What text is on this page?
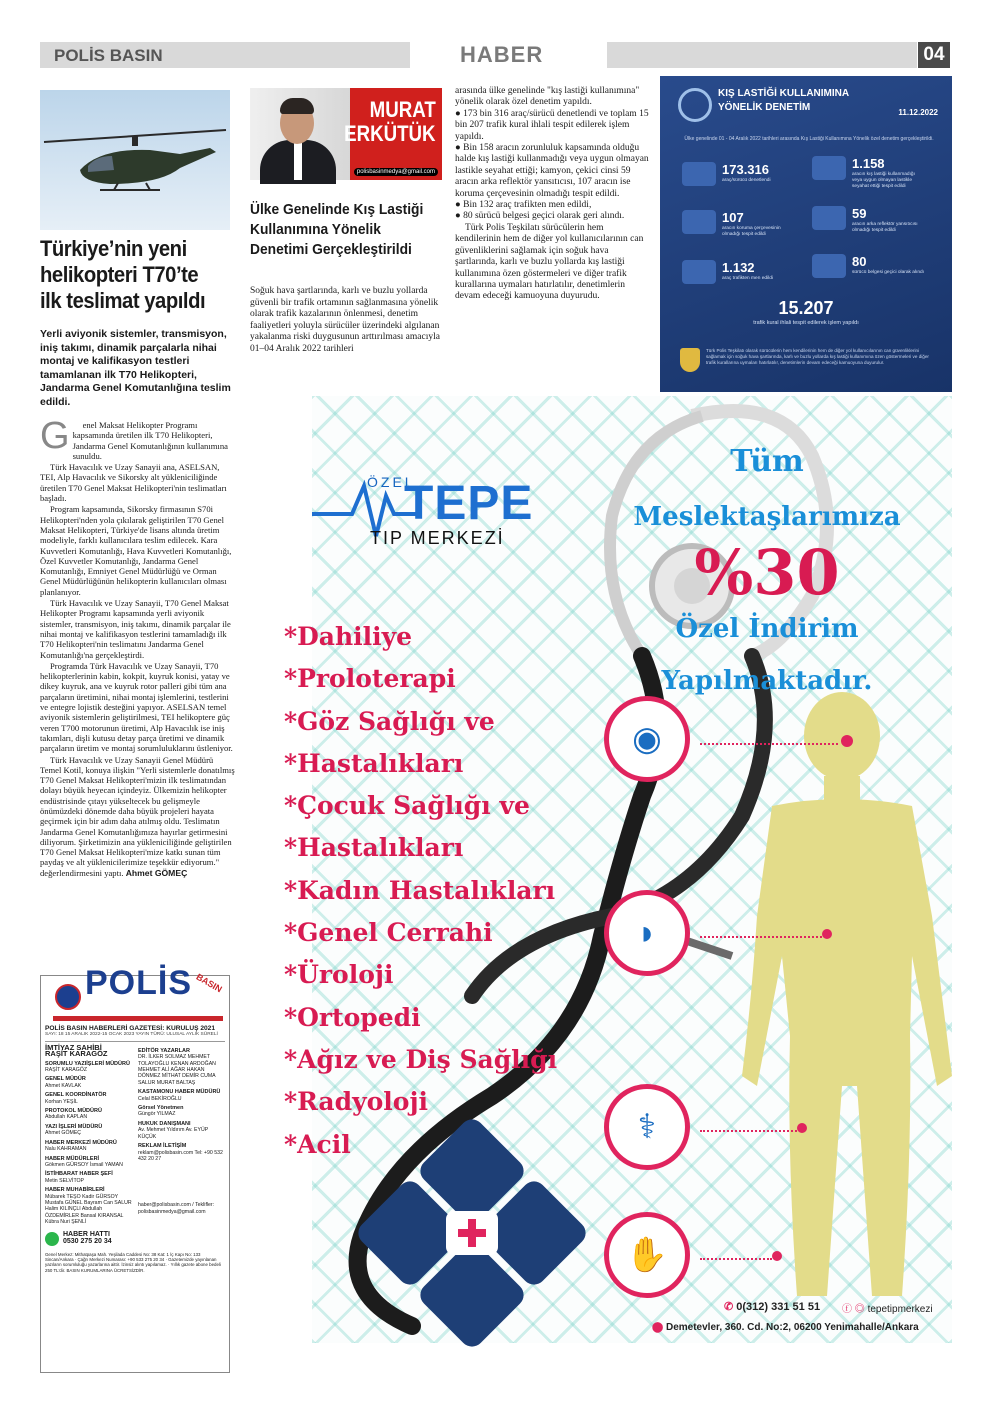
POLİS BASIN	HABER	04
Türkiye’nin yeni helikopteri T70’te ilk teslimat yapıldı
Yerli aviyonik sistemler, transmisyon, iniş takımı, dinamik parçalarla nihai montaj ve kalifikasyon testleri tamamlanan ilk T70 Helikopteri, Jandarma Genel Komutanlığına teslim edildi.
G	enel Maksat Helikopter Programı kapsamında üretilen ilk T70 Helikopteri, Jandarma Genel Komutanlığının kullanımına sunuldu.

Türk Havacılık ve Uzay Sanayii ana, ASELSAN, TEI, Alp Havacılık ve Sikorsky alt yükleniciliğinde üretilen T70 Genel Maksat Helikopteri'nin teslimatları başladı.

Program kapsamında, Sikorsky firmasının S70i Helikopteri'nden yola çıkılarak geliştirilen T70 Genel Maksat Helikopteri, Türkiye'de lisans altında üretim modeliyle, farklı kullanıcılara teslim edilecek. Kara Kuvvetleri Komutanlığı, Hava Kuvvetleri Komutanlığı, Özel Kuvvetler Komutanlığı, Jandarma Genel Komutanlığı, Emniyet Genel Müdürlüğü ve Orman Genel Müdürlüğünün helikopterin kullanıcıları olması planlanıyor.

Türk Havacılık ve Uzay Sanayii, T70 Genel Maksat Helikopter Programı kapsamında yerli aviyonik sistemler, transmisyon, iniş takımı, dinamik parçalar ile nihai montaj ve kalifikasyon testlerini tamamladığı ilk T70 Helikopteri'nin teslimatını Jandarma Genel Komutanlığı'na gerçekleştirdi.

Programda Türk Havacılık ve Uzay Sanayii, T70 helikopterlerinin kabin, kokpit, kuyruk konisi, yatay ve dikey kuyruk, ana ve kuyruk rotor palleri gibi tüm ana parçaların üretimini, nihai montaj işlemlerini, testlerini ve entegre lojistik desteğini yapıyor. ASELSAN temel aviyonik sistemlerin geliştirilmesi, TEI helikoptere güç veren T700 motorunun üretimi, Alp Havacılık ise iniş takımları, dişli kutusu detay parça üretimi ve dinamik parçaların üretim ve montaj sorumluluklarını üstleniyor.

Türk Havacılık ve Uzay Sanayii Genel Müdürü Temel Kotil, konuya ilişkin "Yerli sistemlerle donatılmış T70 Genel Maksat Helikopteri'mizin ilk teslimatından dolayı büyük heyecan içindeyiz. Ülkemizin helikopter endüstrisinde çıtayı yükseltecek bu gelişmeyle önümüzdeki dönemde daha büyük projeleri hayata geçirmek için bir adım daha atılmış oldu. Teslimatın Jandarma Genel Komutanlığımıza hayırlar getirmesini diliyorum. Şirketimizin ana yükleniciliğinde geliştirilen T70 Genel Maksat Helikopteri'mize katkı sunan tüm paydaş ve alt yüklenicilerimize teşekkür ediyorum." değerlendirmesini yaptı. Ahmet GÖMEÇ

POLİS BASIN
POLİS BASIN HABERLERİ GAZETESİ: KURULUŞ 2021
SAYI: 18 15 ARALIK 2022-15 OCAK 2023 YAYIN TÜRÜ: ULUSAL AYLIK SÜRELİ
İMTİYAZ SAHİBİ
RAŞİT KARAGÖZ
SORUMLU YAZIİŞLERİ MÜDÜRÜ
RAŞİT KARAGÖZ
GENEL MÜDÜR
Ahmet KAVLAK
GENEL KOORDİNATÖR
Korhan YEŞİL
PROTOKOL MÜDÜRÜ
Abdullah KAPLAN
YAZI İŞLERİ MÜDÜRÜ
Ahmet GÖMEÇ
HABER MERKEZİ MÜDÜRÜ
Nalu KAHRAMAN
HABER MÜDÜRLERİ
Gökmen GÜRSOY İsmail YAMAN
İSTİHBARAT HABER ŞEFİ
Metin SELVİTOP
HABER MUHABİRLERİ
Mübarek TEŞO Kadir GÜRSOY Mustafa GÜNEL Bayram Can SALUR Halim KILINÇLI Abdullah ÖZDEMİRLER Bansal KIRANSAL Kübra Nuri ŞENLİ
HABER HATTI
0530 275 20 34
EDİTÖR YAZARLAR
DR. İLKER SOLMAZ MEHMET TOLAYOĞLU KENAN ARDOĞAN MEHMET ALİ AĞAR HAKAN DÖNMEZ MİTHAT DEMİR CUMA SALUR MURAT BALTAŞ
KASTAMONU HABER MÜDÜRÜ
Celal BEKİROĞLU
Görsel Yönetmen
Güngör YILMAZ
HUKUK DANIŞMANI
Av. Mehmet Yıldırım Av. EYÜP KÜÇÜK
REKLAM İLETİŞİM
reklam@polisbasin.com Tel: +90 532 432 20 27
haber@polisbasin.com / Teklifler: polisbasinmedya@gmail.com
Genel Merkez: Mithatpaşa Mah. Yeşilada Caddesi No: 38 Kat: 1 İç Kapı No: 133 Sincan/Ankara · Çağrı Merkezi Numarası: +90 533 275 20 34 · Gazetemizde yayınlanan yazıların sorumluluğu yazarlarına aittir. İzinsiz alıntı yapılamaz. · Yıllık gazete abone bedeli 250 TL'dir. BASIN KURUMLARINA ÜCRETSİZDİR.
MURAT
ERKÜTÜK
polisbasinmedya@gmail.com
Ülke Genelinde Kış Lastiği Kullanımına Yönelik Denetimi Gerçekleştirildi
Soğuk hava şartlarında, karlı ve buzlu yollarda güvenli bir trafik ortamının sağlanmasına yönelik olarak trafik kazalarının önlenmesi, denetim faaliyetleri yoluyla sürücüler üzerindeki algılanan yakalanma riski duygusunun arttırılması amacıyla 01–04 Aralık 2022 tarihleri

arasında ülke genelinde "kış lastiği kullanımına" yönelik olarak özel denetim yapıldı.

● 173 bin 316 araç/sürücü denetlendi ve toplam 15 bin 207 trafik kural ihlali tespit edilerek işlem yapıldı.

● Bin 158 aracın zorunluluk kapsamında olduğu halde kış lastiği kullanmadığı veya uygun olmayan lastikle seyahat ettiği; kamyon, çekici cinsi 59 aracın arka reflektör yansıtıcısı, 107 aracın ise koruma çerçevesinin olmadığı tespit edildi.

● Bin 132 araç trafikten men edildi,

● 80 sürücü belgesi geçici olarak geri alındı.

Türk Polis Teşkilatı sürücülerin hem kendilerinin hem de diğer yol kullanıcılarının can güvenliklerini sağlamak için soğuk hava şartlarında, karlı ve buzlu yollarda kış lastiği kullanımına özen göstermeleri ve diğer trafik kurallarına uymaları hatırlatılır, denetimlerin devam edeceği kamuoyuna duyurudu.

KIŞ LASTİĞİ KULLANIMINA
YÖNELİK DENETİM	11.12.2022
Ülke genelinde 01 - 04 Aralık 2022 tarihleri arasında Kış Lastiği Kullanımına Yönelik özel denetim gerçekleştirildi.
173.316
araç/sürücü denetlendi
1.158
aracın kış lastiği kullanmadığı veya uygun olmayan lastikle seyahat ettiği tespit edildi
107
aracın koruma çerçevesinin olmadığı tespit edildi
59
aracın arka reflektör yansıtıcısı olmadığı tespit edildi
1.132
araç trafikten men edildi
80
sürücü belgesi geçici olarak alındı
15.207
trafik kural ihlali tespit edilerek işlem yapıldı
Türk Polis Teşkilatı olarak sürücülerin hem kendilerinin hem de diğer yol kullanıcılarının can güvenliklerini sağlamak için soğuk hava şartlarında, karlı ve buzlu yollarda kış lastiği kullanımına özen göstermeleri ve diğer trafik kurallarına uymaları hatırlatılır, denetimlerin devam edeceği kamuoyuna duyurulur.
ÖZEL
TEPE
TIP MERKEZİ
Tüm
Meslektaşlarımıza
%30
Özel İndirim
Yapılmaktadır.
*Dahiliye
*Proloterapi
*Göz Sağlığı ve
*Hastalıkları
*Çocuk Sağlığı ve
*Hastalıkları
*Kadın Hastalıkları
*Genel Cerrahi
*Üroloji
*Ortopedi
*Ağız ve Diş Sağlığı
*Radyoloji
*Acil
◉
◗
⚕
✋
✆ 0(312) 331 51 51 ⓕ ◎ tepetipmerkezi
⬤ Demetevler, 360. Cd. No:2, 06200 Yenimahalle/Ankara
